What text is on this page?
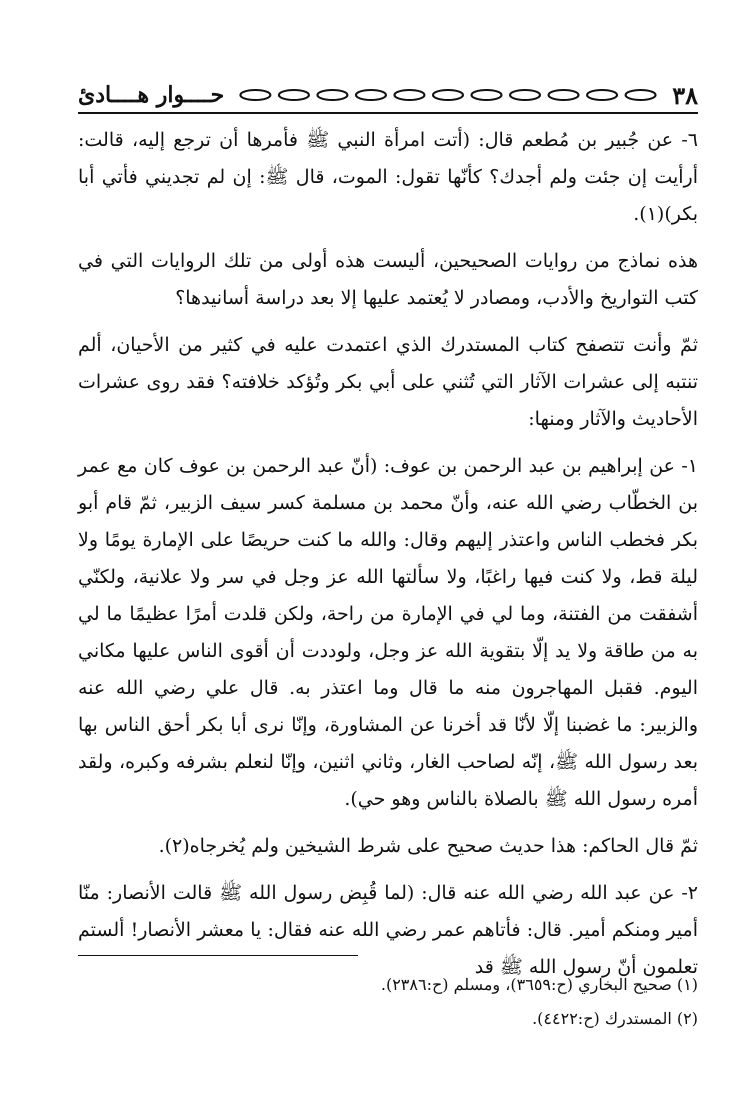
٣٨
حــــوار هــــادئ

٦- عن جُبير بن مُطعم قال: (أتت امرأة النبي ﷺ فأمرها أن ترجع إليه، قالت: أرأيت إن جئت ولم أجدك؟ كأنّها تقول: الموت، قال ﷺ: إن لم تجديني فأتي أبا بكر)(١).

هذه نماذج من روايات الصحيحين، أليست هذه أولى من تلك الروايات التي في كتب التواريخ والأدب، ومصادر لا يُعتمد عليها إلا بعد دراسة أسانيدها؟

ثمّ وأنت تتصفح كتاب المستدرك الذي اعتمدت عليه في كثير من الأحيان، ألم تنتبه إلى عشرات الآثار التي تُثني على أبي بكر وتُؤكد خلافته؟ فقد روى عشرات الأحاديث والآثار ومنها:

١- عن إبراهيم بن عبد الرحمن بن عوف: (أنّ عبد الرحمن بن عوف كان مع عمر بن الخطّاب رضي الله عنه، وأنّ محمد بن مسلمة كسر سيف الزبير، ثمّ قام أبو بكر فخطب الناس واعتذر إليهم وقال: والله ما كنت حريصًا على الإمارة يومًا ولا ليلة قط، ولا كنت فيها راغبًا، ولا سألتها الله عز وجل في سر ولا علانية، ولكنّي أشفقت من الفتنة، وما لي في الإمارة من راحة، ولكن قلدت أمرًا عظيمًا ما لي به من طاقة ولا يد إلّا بتقوية الله عز وجل، ولوددت أن أقوى الناس عليها مكاني اليوم. فقبل المهاجرون منه ما قال وما اعتذر به. قال علي رضي الله عنه والزبير: ما غضبنا إلّا لأنّا قد أخرنا عن المشاورة، وإنّا نرى أبا بكر أحق الناس بها بعد رسول الله ﷺ، إنّه لصاحب الغار، وثاني اثنين، وإنّا لنعلم بشرفه وكبره، ولقد أمره رسول الله ﷺ بالصلاة بالناس وهو حي).

ثمّ قال الحاكم: هذا حديث صحيح على شرط الشيخين ولم يُخرجاه(٢).

٢- عن عبد الله رضي الله عنه قال: (لما قُبِض رسول الله ﷺ قالت الأنصار: منّا أمير ومنكم أمير. قال: فأتاهم عمر رضي الله عنه فقال: يا معشر الأنصار! ألستم تعلمون أنّ رسول الله ﷺ قد

(١) صحيح البخاري (ح:٣٦٥٩)، ومسلم (ح:٢٣٨٦).

(٢) المستدرك (ح:٤٤٢٢).
